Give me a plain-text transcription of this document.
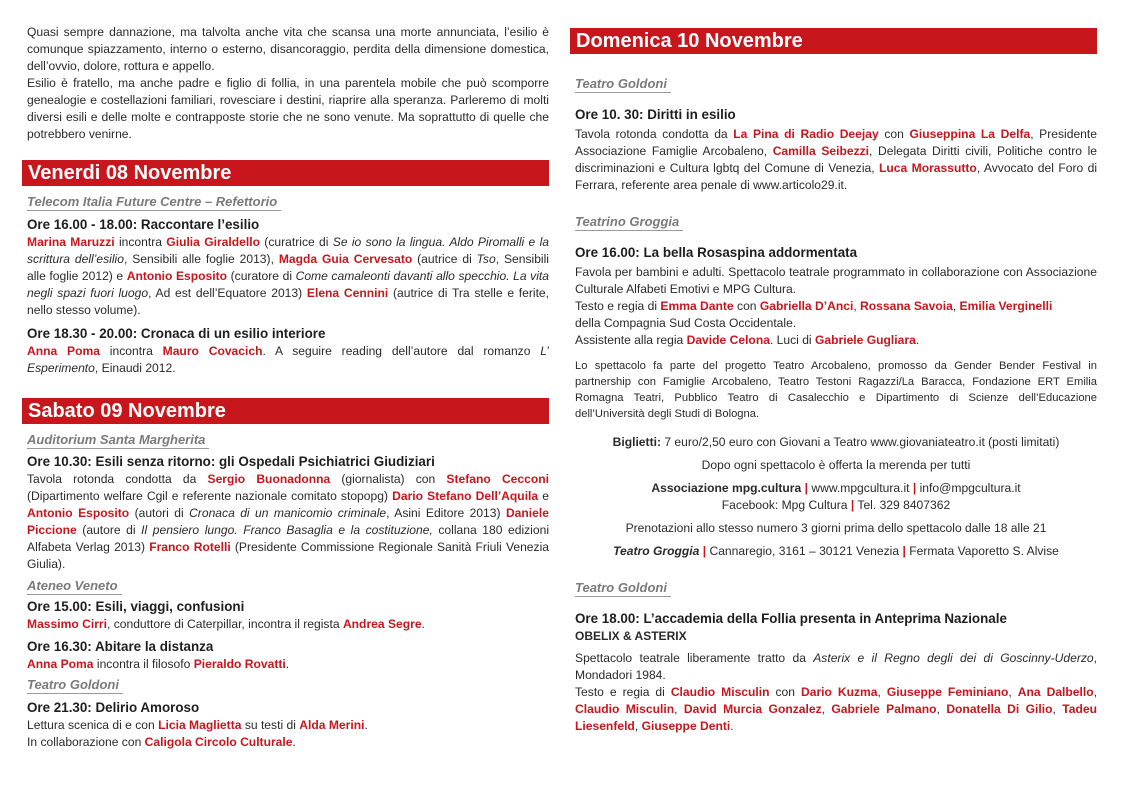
Quasi sempre dannazione, ma talvolta anche vita che scansa una morte annunciata, l’esilio è comunque spiazzamento, interno o esterno, disancoraggio, perdita della dimensione domestica, dell’ovvio, dolore, rottura e appello.

Esilio è fratello, ma anche padre e figlio di follia, in una parentela mobile che può scomporre genealogie e costellazioni familiari, rovesciare i destini, riaprire alla speranza. Parleremo di molti diversi esili e delle molte e contrapposte storie che ne sono venute. Ma soprattutto di quelle che potrebbero venirne.

Venerdi 08 Novembre
Telecom Italia Future Centre – Refettorio
Ore 16.00 - 18.00: Raccontare l’esilio

Marina Maruzzi incontra Giulia Giraldello (curatrice di Se io sono la lingua. Aldo Piromalli e la scrittura dell’esilio, Sensibili alle foglie 2013), Magda Guia Cervesato (autrice di Tso, Sensibili alle foglie 2012) e Antonio Esposito (curatore di Come camaleonti davanti allo specchio. La vita negli spazi fuori luogo, Ad est dell’Equatore 2013) Elena Cennini (autrice di Tra stelle e ferite, nello stesso volume).

Ore 18.30 - 20.00: Cronaca di un esilio interiore

Anna Poma incontra Mauro Covacich. A seguire reading dell’autore dal romanzo L’ Esperimento, Einaudi 2012.

Sabato 09 Novembre
Auditorium Santa Margherita
Ore 10.30: Esili senza ritorno: gli Ospedali Psichiatrici Giudiziari

Tavola rotonda condotta da Sergio Buonadonna (giornalista) con Stefano Cecconi (Dipartimento welfare Cgil e referente nazionale comitato stopopg) Dario Stefano Dell’Aquila e Antonio Esposito (autori di Cronaca di un manicomio criminale, Asini Editore 2013) Daniele Piccione (autore di Il pensiero lungo. Franco Basaglia e la costituzione, collana 180 edizioni Alfabeta Verlag 2013) Franco Rotelli (Presidente Commissione Regionale Sanità Friuli Venezia Giulia).

Ateneo Veneto
Ore 15.00: Esili, viaggi, confusioni

Massimo Cirri, conduttore di Caterpillar, incontra il regista Andrea Segre.

Ore 16.30: Abitare la distanza

Anna Poma incontra il filosofo Pieraldo Rovatti.

Teatro Goldoni
Ore 21.30: Delirio Amoroso

Lettura scenica di e con Licia Maglietta su testi di Alda Merini.

In collaborazione con Caligola Circolo Culturale.

Domenica 10 Novembre
Teatro Goldoni
Ore 10. 30: Diritti in esilio

Tavola rotonda condotta da La Pina di Radio Deejay con Giuseppina La Delfa, Presidente Associazione Famiglie Arcobaleno, Camilla Seibezzi, Delegata Diritti civili, Politiche contro le discriminazioni e Cultura lgbtq del Comune di Venezia, Luca Morassutto, Avvocato del Foro di Ferrara, referente area penale di www.articolo29.it.

Teatrino Groggia
Ore 16.00: La bella Rosaspina addormentata

Favola per bambini e adulti. Spettacolo teatrale programmato in collaborazione con Associazione Culturale Alfabeti Emotivi e MPG Cultura.

Testo e regia di Emma Dante con Gabriella D’Anci, Rossana Savoia, Emilia Verginelli

della Compagnia Sud Costa Occidentale.

Assistente alla regia Davide Celona. Luci di Gabriele Gugliara.

Lo spettacolo fa parte del progetto Teatro Arcobaleno, promosso da Gender Bender Festival in partnership con Famiglie Arcobaleno, Teatro Testoni Ragazzi/La Baracca, Fondazione ERT Emilia Romagna Teatri, Pubblico Teatro di Casalecchio e Dipartimento di Scienze dell’Educazione dell’Università degli Studi di Bologna.

Biglietti: 7 euro/2,50 euro con Giovani a Teatro www.giovaniateatro.it (posti limitati)

Dopo ogni spettacolo è offerta la merenda per tutti

Associazione mpg.cultura | www.mpgcultura.it | info@mpgcultura.it

Facebook: Mpg Cultura | Tel. 329 8407362

Prenotazioni allo stesso numero 3 giorni prima dello spettacolo dalle 18 alle 21

Teatro Groggia | Cannaregio, 3161 – 30121 Venezia | Fermata Vaporetto S. Alvise

Teatro Goldoni
Ore 18.00: L’accademia della Follia presenta in Anteprima Nazionale
OBELIX & ASTERIX

Spettacolo teatrale liberamente tratto da Asterix e il Regno degli dei di Goscinny-Uderzo, Mondadori 1984.

Testo e regia di Claudio Misculin con Dario Kuzma, Giuseppe Feminiano, Ana Dalbello, Claudio Misculin, David Murcia Gonzalez, Gabriele Palmano, Donatella Di Gilio, Tadeu Liesenfeld, Giuseppe Denti.
